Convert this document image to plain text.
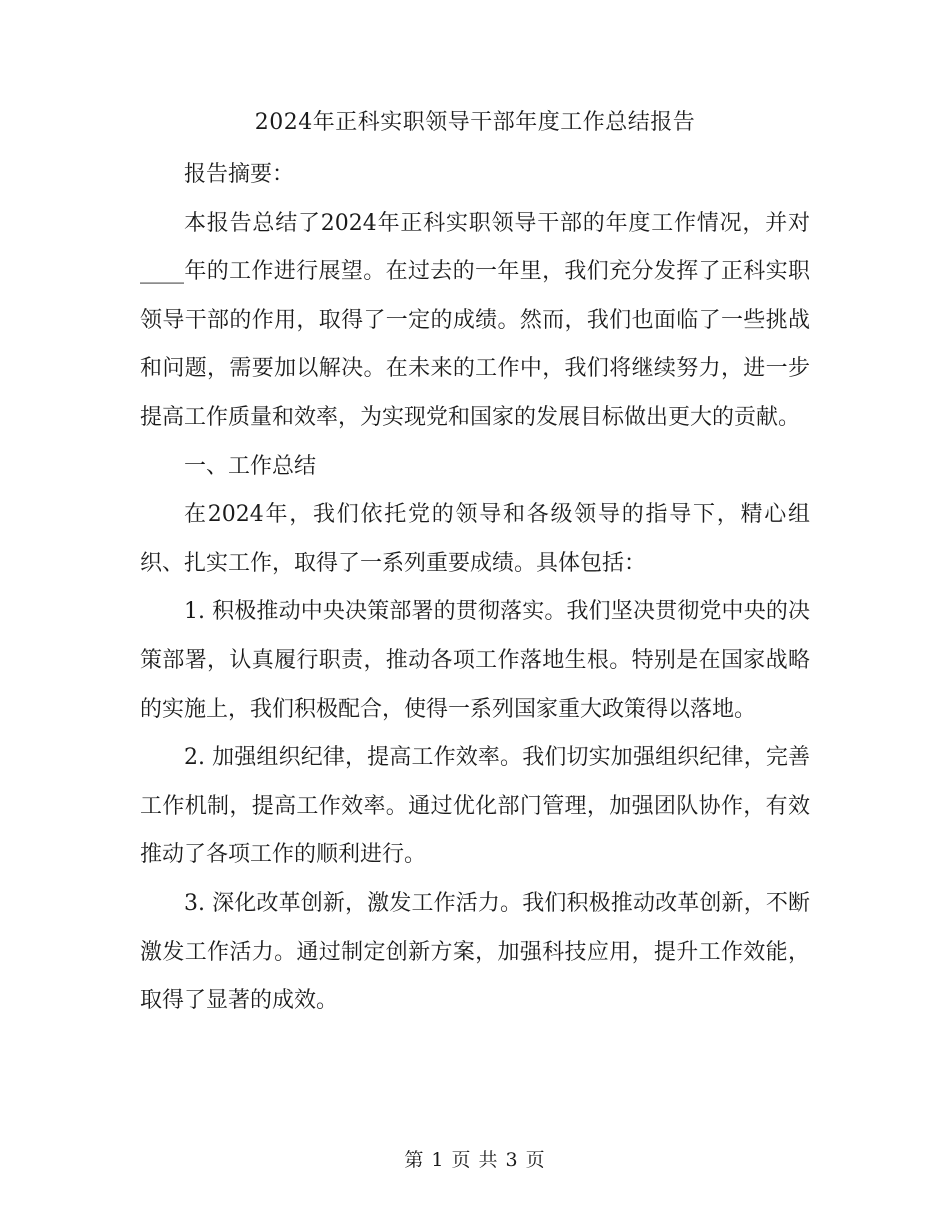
2024年正科实职领导干部年度工作总结报告

报告摘要：

本报告总结了2024年正科实职领导干部的年度工作情况，并对____年的工作进行展望。在过去的一年里，我们充分发挥了正科实职领导干部的作用，取得了一定的成绩。然而，我们也面临了一些挑战和问题，需要加以解决。在未来的工作中，我们将继续努力，进一步提高工作质量和效率，为实现党和国家的发展目标做出更大的贡献。

一、工作总结

在2024年，我们依托党的领导和各级领导的指导下，精心组织、扎实工作，取得了一系列重要成绩。具体包括：

1. 积极推动中央决策部署的贯彻落实。我们坚决贯彻党中央的决策部署，认真履行职责，推动各项工作落地生根。特别是在国家战略的实施上，我们积极配合，使得一系列国家重大政策得以落地。

2. 加强组织纪律，提高工作效率。我们切实加强组织纪律，完善工作机制，提高工作效率。通过优化部门管理，加强团队协作，有效推动了各项工作的顺利进行。

3. 深化改革创新，激发工作活力。我们积极推动改革创新，不断激发工作活力。通过制定创新方案，加强科技应用，提升工作效能，取得了显著的成效。

第 1 页 共 3 页
